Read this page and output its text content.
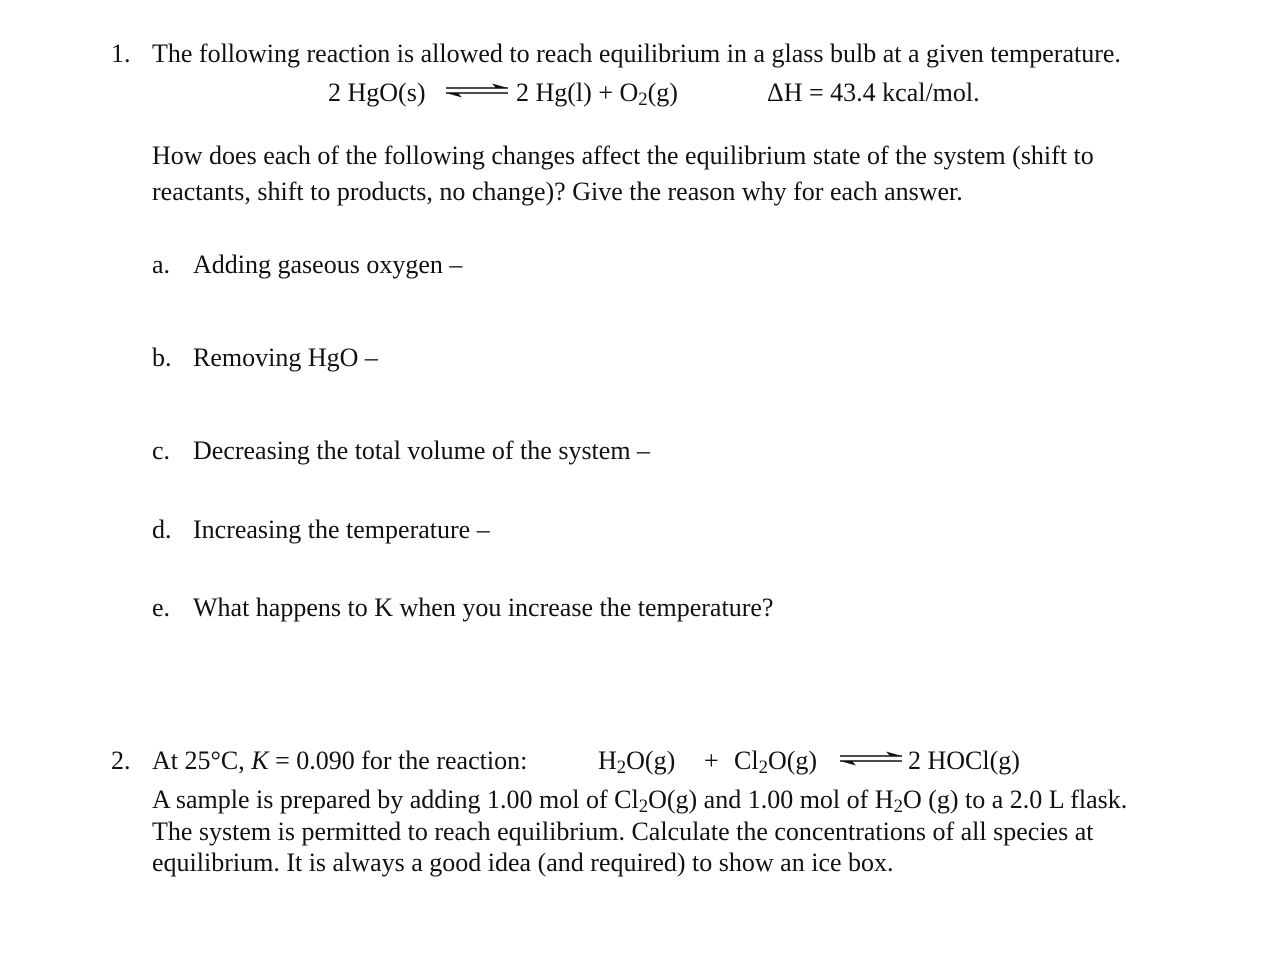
1. The following reaction is allowed to reach equilibrium in a glass bulb at a given temperature.
2 HgO(s) ⇌ 2 $Hg(l) + O_2(g)$	ΔH = 43.4 kcal/mol.
How does each of the following changes affect the equilibrium state of the system (shift to
reactants, shift to products, no change)? Give the reason why for each answer.
a. Adding gaseous oxygen –
b. Removing HgO –
c. Decreasing the total volume of the system –
d. Increasing the temperature –
e. What happens to K when you increase the temperature?
2. At 25°C, K = 0.090 for the reaction:	$H_2O(g) + Cl_2O(g)$ ⇌ 2 HOCl(g)
A sample is prepared by adding 1.00 mol of $Cl_2O(g)$ and 1.00 mol of $H_2O$ (g) to a 2.0 L flask.
The system is permitted to reach equilibrium. Calculate the concentrations of all species at
equilibrium. It is always a good idea (and required) to show an ice box.
